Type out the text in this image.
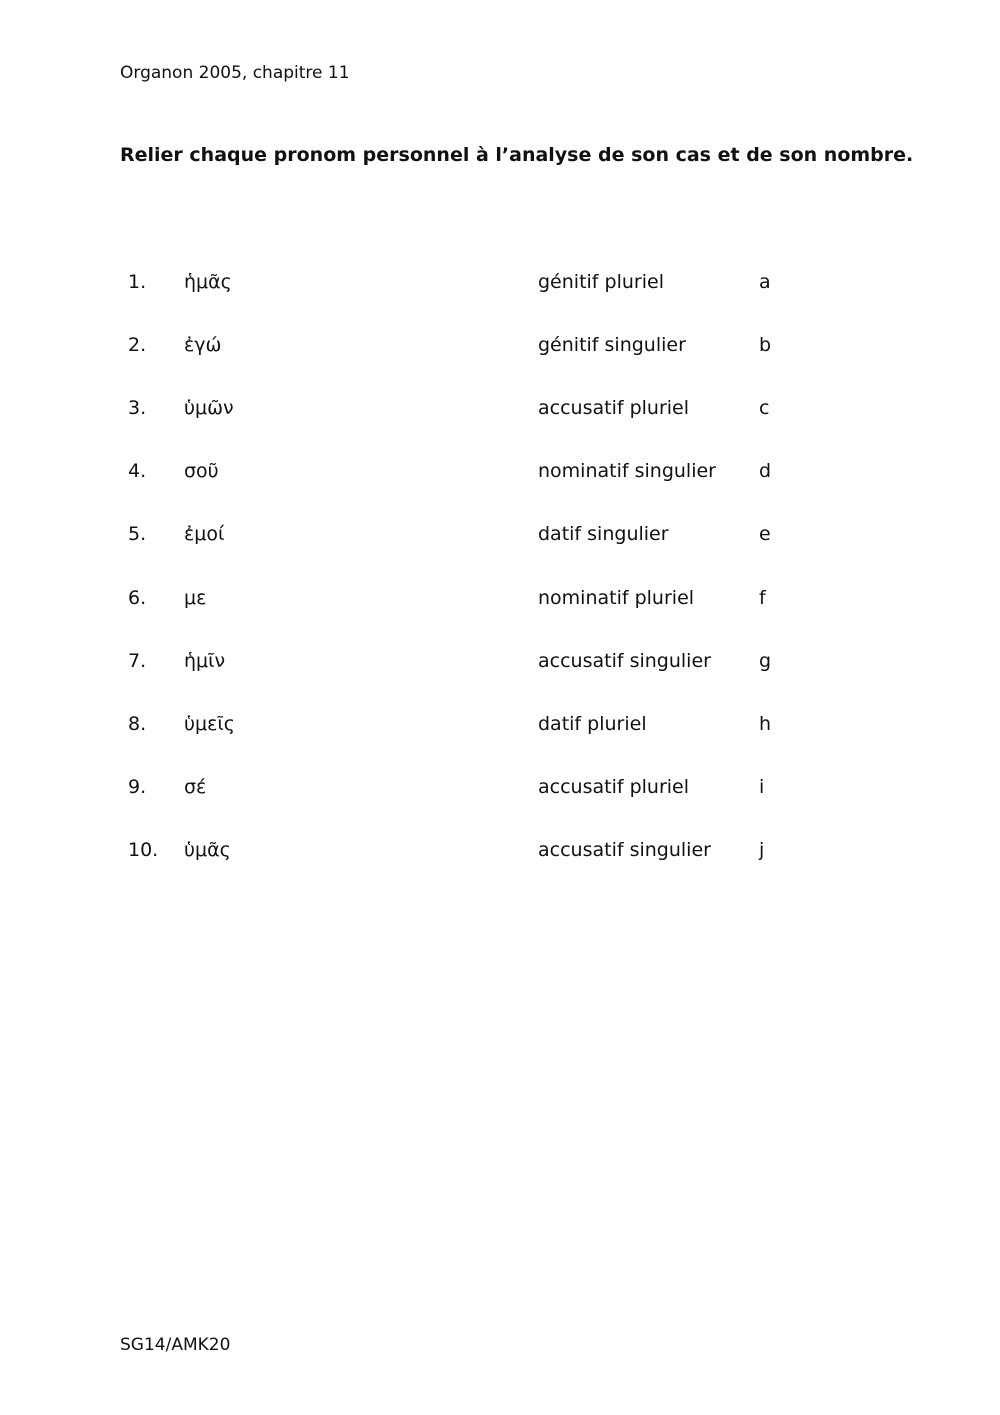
Organon 2005, chapitre 11
Relier chaque pronom personnel à l’analyse de son cas et de son nombre.
1. ἡμᾶς	génitif pluriel	a
2. ἐγώ	génitif singulier	b
3. ὑμῶν	accusatif pluriel	c
4. σοῦ	nominatif singulier d
5. ἐμοί	datif singulier	e
6. με	nominatif pluriel	f
7. ἡμῖν	accusatif singulier	g
8. ὑμεῖς	datif pluriel	h
9. σέ	accusatif pluriel	i
10. ὑμᾶς	accusatif singulier	j
SG14/AMK20
